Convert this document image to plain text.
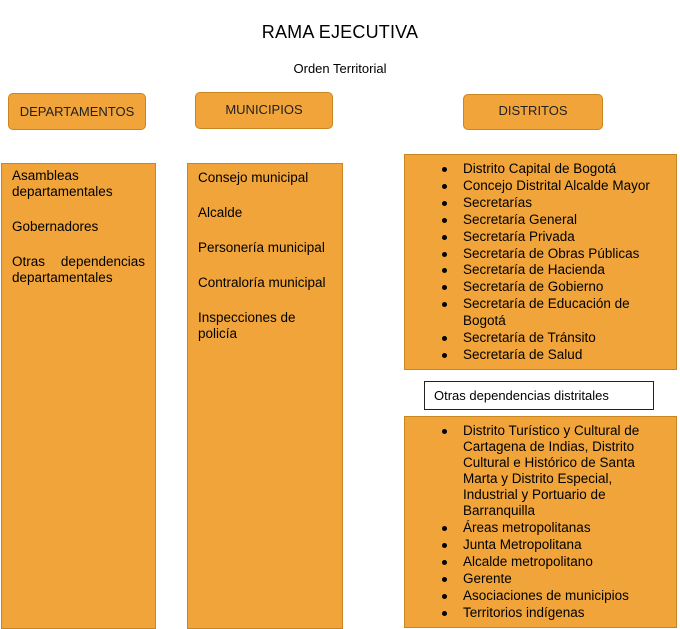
RAMA EJECUTIVA
Orden Territorial
DEPARTAMENTOS	MUNICIPIOS	DISTRITOS

Asambleas departamentales

Gobernadores

Otras dependencias departamentales

Consejo municipal

Alcalde

Personería municipal

Contraloría municipal

Inspecciones de policía

Distrito Capital de Bogotá
Concejo Distrital Alcalde Mayor
Secretarías
Secretaría General
Secretaría Privada
Secretaría de Obras Públicas
Secretaría de Hacienda
Secretaría de Gobierno
Secretaría de Educación de Bogotá
Secretaría de Tránsito
Secretaría de Salud
Otras dependencias distritales
Distrito Turístico y Cultural de Cartagena de Indias, Distrito Cultural e Histórico de Santa Marta y Distrito Especial, Industrial y Portuario de Barranquilla
Áreas metropolitanas
Junta Metropolitana
Alcalde metropolitano
Gerente
Asociaciones de municipios
Territorios indígenas
